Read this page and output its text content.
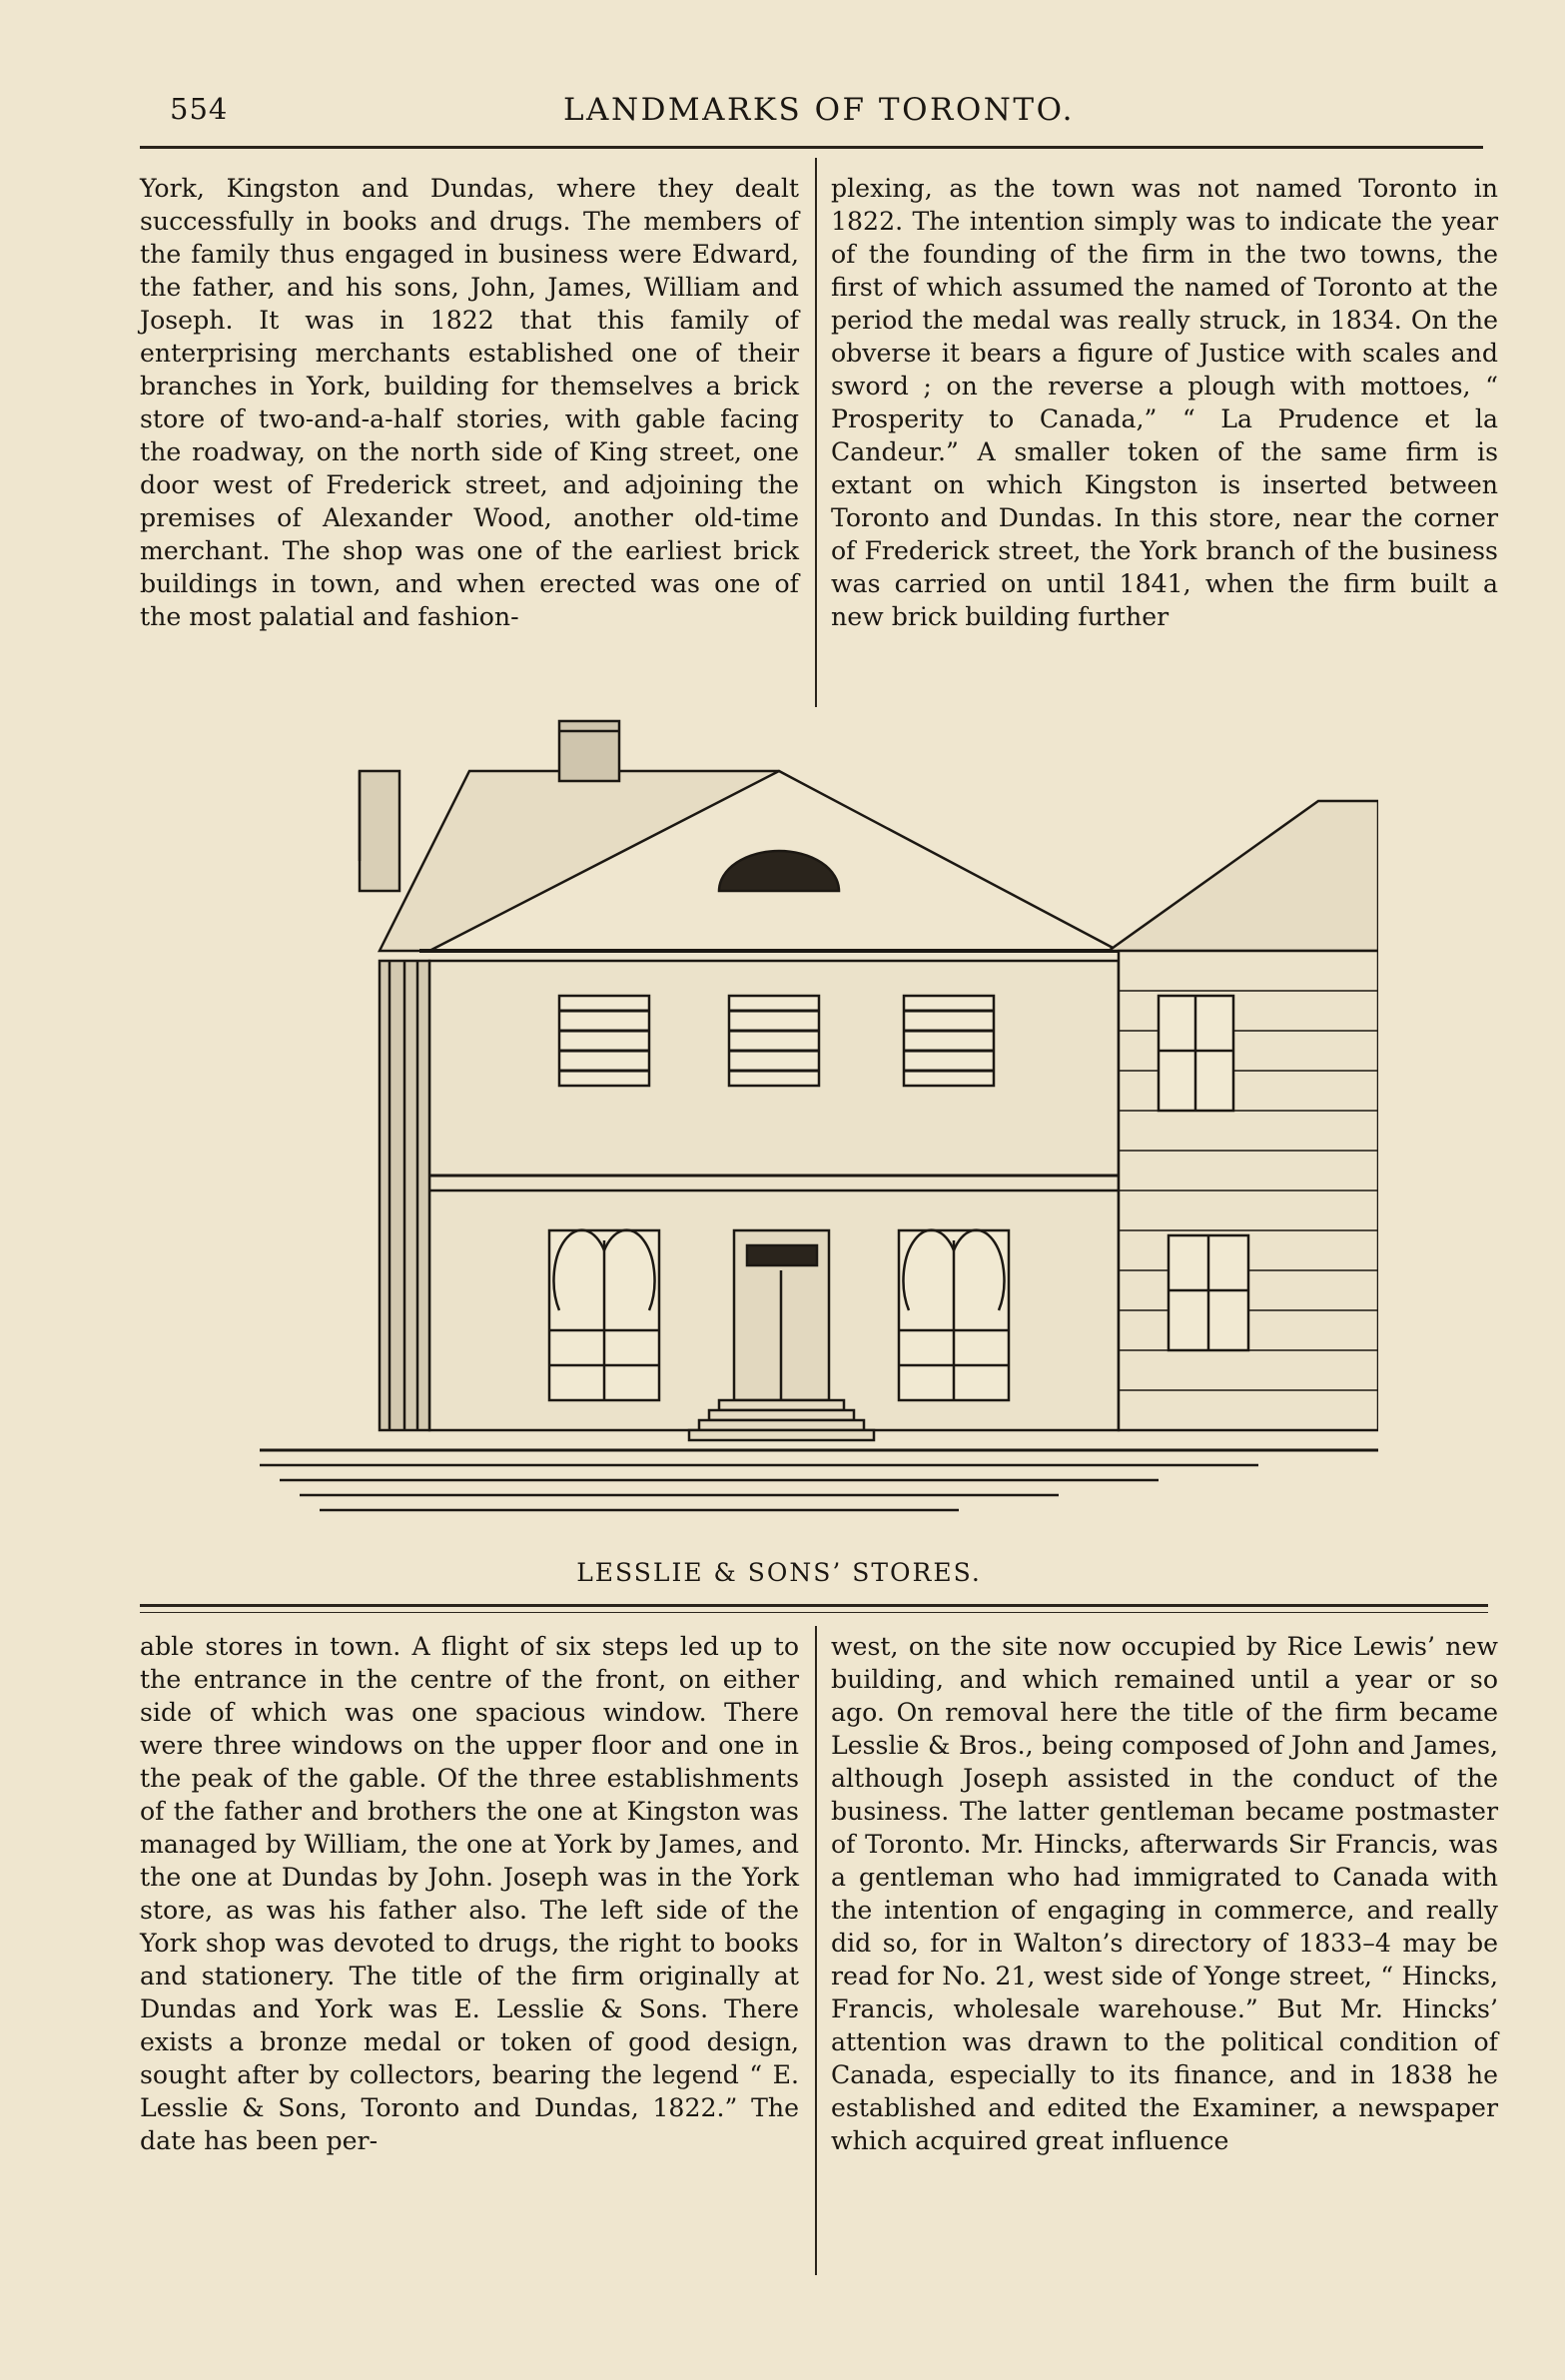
554	LANDMARKS OF TORONTO.

York, Kingston and Dundas, where they dealt successfully in books and drugs. The members of the family thus engaged in business were Edward, the father, and his sons, John, James, William and Joseph. It was in 1822 that this family of enterprising merchants established one of their branches in York, building for themselves a brick store of two-and-a-half stories, with gable facing the roadway, on the north side of King street, one door west of Frederick street, and adjoining the premises of Alexander Wood, another old-time merchant. The shop was one of the earliest brick buildings in town, and when erected was one of the most palatial and fashion-

plexing, as the town was not named Toronto in 1822. The intention simply was to indicate the year of the founding of the firm in the two towns, the first of which assumed the named of Toronto at the period the medal was really struck, in 1834. On the obverse it bears a figure of Justice with scales and sword ; on the reverse a plough with mottoes, “ Prosperity to Canada,” “ La Prudence et la Candeur.” A smaller token of the same firm is extant on which Kingston is inserted between Toronto and Dundas. In this store, near the corner of Frederick street, the York branch of the business was carried on until 1841, when the firm built a new brick building further

LESSLIE & SONS’ STORES.

able stores in town. A flight of six steps led up to the entrance in the centre of the front, on either side of which was one spacious window. There were three windows on the upper floor and one in the peak of the gable. Of the three establishments of the father and brothers the one at Kingston was managed by William, the one at York by James, and the one at Dundas by John. Joseph was in the York store, as was his father also. The left side of the York shop was devoted to drugs, the right to books and stationery. The title of the firm originally at Dundas and York was E. Lesslie & Sons. There exists a bronze medal or token of good design, sought after by collectors, bearing the legend “ E. Lesslie & Sons, Toronto and Dundas, 1822.” The date has been per-

west, on the site now occupied by Rice Lewis’ new building, and which remained until a year or so ago. On removal here the title of the firm became Lesslie & Bros., being composed of John and James, although Joseph assisted in the conduct of the business. The latter gentleman became postmaster of Toronto. Mr. Hincks, afterwards Sir Francis, was a gentleman who had immigrated to Canada with the intention of engaging in commerce, and really did so, for in Walton’s directory of 1833–4 may be read for No. 21, west side of Yonge street, “ Hincks, Francis, wholesale warehouse.” But Mr. Hincks’ attention was drawn to the political condition of Canada, especially to its finance, and in 1838 he established and edited the Examiner, a newspaper which acquired great influence
